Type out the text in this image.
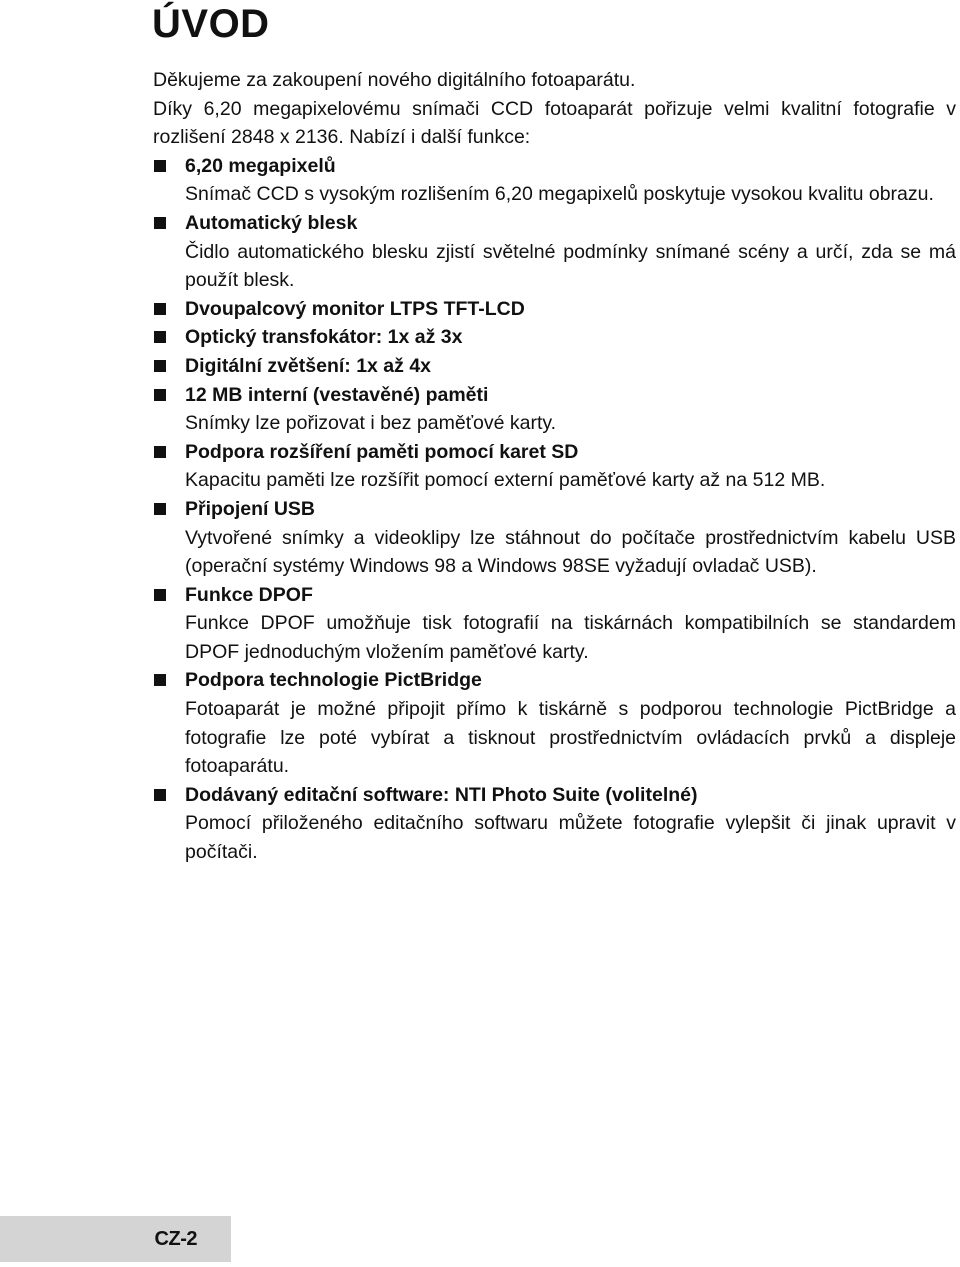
ÚVOD

Děkujeme za zakoupení nového digitálního fotoaparátu.

Díky 6,20 megapixelovému snímači CCD fotoaparát pořizuje velmi kvalitní fotografie v rozlišení 2848 x 2136. Nabízí i další funkce:

6,20 megapixelů
Snímač CCD s vysokým rozlišením 6,20 megapixelů poskytuje vysokou kvalitu obrazu.
Automatický blesk
Čidlo automatického blesku zjistí světelné podmínky snímané scény a určí, zda se má použít blesk.
Dvoupalcový monitor LTPS TFT-LCD
Optický transfokátor: 1x až 3x
Digitální zvětšení: 1x až 4x
12 MB interní (vestavěné) paměti
Snímky lze pořizovat i bez paměťové karty.
Podpora rozšíření paměti pomocí karet SD
Kapacitu paměti lze rozšířit pomocí externí paměťové karty až na 512 MB.
Připojení USB
Vytvořené snímky a videoklipy lze stáhnout do počítače prostřednictvím kabelu USB (operační systémy Windows 98 a Windows 98SE vyžadují ovladač USB).
Funkce DPOF
Funkce DPOF umožňuje tisk fotografií na tiskárnách kompatibilních se standardem DPOF jednoduchým vložením paměťové karty.
Podpora technologie PictBridge
Fotoaparát je možné připojit přímo k tiskárně s podporou technologie PictBridge a fotografie lze poté vybírat a tisknout prostřednictvím ovládacích prvků a displeje fotoaparátu.
Dodávaný editační software: NTI Photo Suite (volitelné)
Pomocí přiloženého editačního softwaru můžete fotografie vylepšit či jinak upravit v počítači.
CZ-2
